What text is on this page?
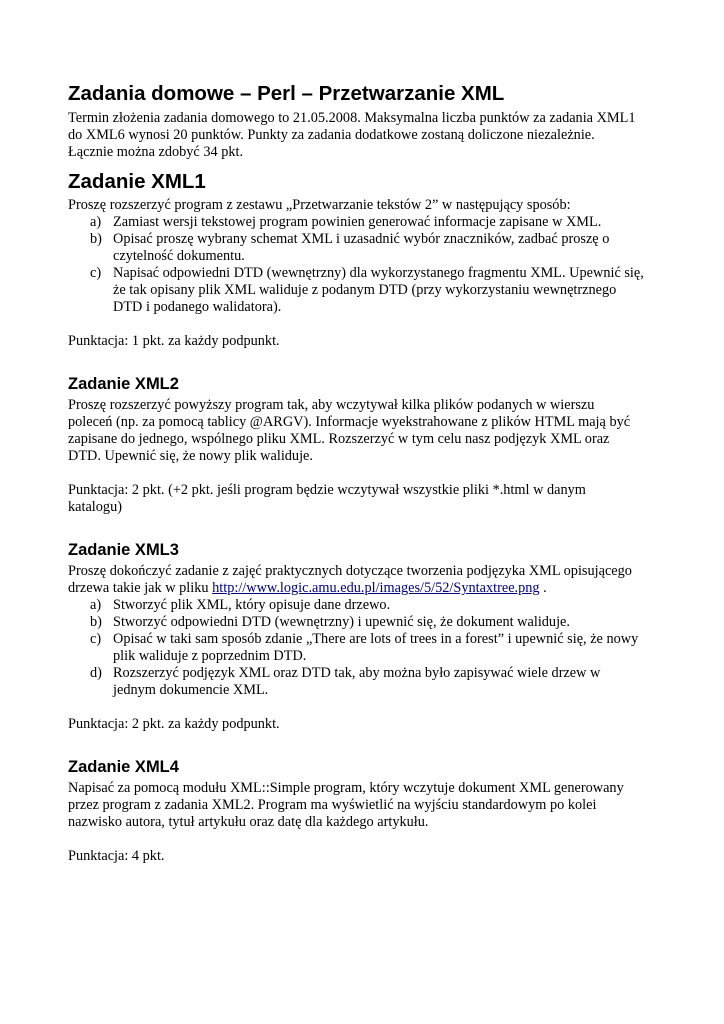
Zadania domowe – Perl – Przetwarzanie XML
Termin złożenia zadania domowego to 21.05.2008. Maksymalna liczba punktów za zadania XML1
do XML6 wynosi 20 punktów. Punkty za zadania dodatkowe zostaną doliczone niezależnie.
Łącznie można zdobyć 34 pkt.
Zadanie XML1
Proszę rozszerzyć program z zestawu „Przetwarzanie tekstów 2” w następujący sposób:
a) Zamiast wersji tekstowej program powinien generować informacje zapisane w XML.
b) Opisać proszę wybrany schemat XML i uzasadnić wybór znaczników, zadbać proszę o
czytelność dokumentu.
c) Napisać odpowiedni DTD (wewnętrzny) dla wykorzystanego fragmentu XML. Upewnić się,
że tak opisany plik XML waliduje z podanym DTD (przy wykorzystaniu wewnętrznego
DTD i podanego walidatora).
Punktacja: 1 pkt. za każdy podpunkt.
Zadanie XML2
Proszę rozszerzyć powyższy program tak, aby wczytywał kilka plików podanych w wierszu
poleceń (np. za pomocą tablicy @ARGV). Informacje wyekstrahowane z plików HTML mają być
zapisane do jednego, wspólnego pliku XML. Rozszerzyć w tym celu nasz podjęzyk XML oraz
DTD. Upewnić się, że nowy plik waliduje.
Punktacja: 2 pkt. (+2 pkt. jeśli program będzie wczytywał wszystkie pliki *.html w danym
katalogu)
Zadanie XML3
Proszę dokończyć zadanie z zajęć praktycznych dotyczące tworzenia podjęzyka XML opisującego
drzewa takie jak w pliku http://www.logic.amu.edu.pl/images/5/52/Syntaxtree.png .
a) Stworzyć plik XML, który opisuje dane drzewo.
b) Stworzyć odpowiedni DTD (wewnętrzny) i upewnić się, że dokument waliduje.
c) Opisać w taki sam sposób zdanie „There are lots of trees in a forest” i upewnić się, że nowy
plik waliduje z poprzednim DTD.
d) Rozszerzyć podjęzyk XML oraz DTD tak, aby można było zapisywać wiele drzew w
jednym dokumencie XML.
Punktacja: 2 pkt. za każdy podpunkt.
Zadanie XML4
Napisać za pomocą modułu XML::Simple program, który wczytuje dokument XML generowany
przez program z zadania XML2. Program ma wyświetlić na wyjściu standardowym po kolei
nazwisko autora, tytuł artykułu oraz datę dla każdego artykułu.
Punktacja: 4 pkt.
